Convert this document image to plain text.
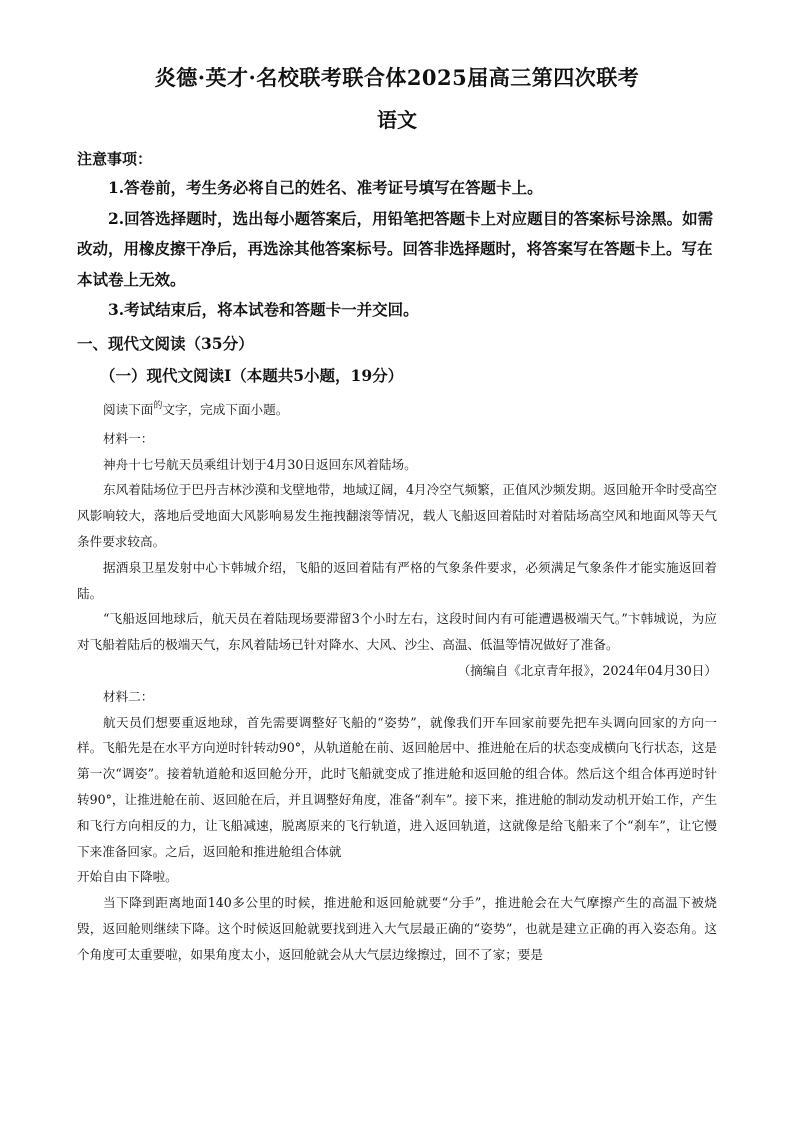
炎德·英才·名校联考联合体2025届高三第四次联考
语文
注意事项：

1.答卷前，考生务必将自己的姓名、准考证号填写在答题卡上。

2.回答选择题时，选出每小题答案后，用铅笔把答题卡上对应题目的答案标号涂黑。如需改动，用橡皮擦干净后，再选涂其他答案标号。回答非选择题时，将答案写在答题卡上。写在本试卷上无效。

3.考试结束后，将本试卷和答题卡一并交回。

一、现代文阅读（35分）
（一）现代文阅读Ⅰ（本题共5小题，19分）

阅读下面$^的$文字，完成下面小题。

材料一：

神舟十七号航天员乘组计划于4月30日返回东风着陆场。

东风着陆场位于巴丹吉林沙漠和戈壁地带，地域辽阔，4月冷空气频繁，正值风沙频发期。返回舱开伞时受高空风影响较大，落地后受地面大风影响易发生拖拽翻滚等情况，载人飞船返回着陆时对着陆场高空风和地面风等天气条件要求较高。

据酒泉卫星发射中心卞韩城介绍，飞船的返回着陆有严格的气象条件要求，必须满足气象条件才能实施返回着陆。

“飞船返回地球后，航天员在着陆现场要滞留3个小时左右，这段时间内有可能遭遇极端天气。”卞韩城说，为应对飞船着陆后的极端天气，东风着陆场已针对降水、大风、沙尘、高温、低温等情况做好了准备。

（摘编自《北京青年报》，2024年04月30日）

材料二：

航天员们想要重返地球，首先需要调整好飞船的“姿势”，就像我们开车回家前要先把车头调向回家的方向一样。飞船先是在水平方向逆时针转动90°，从轨道舱在前、返回舱居中、推进舱在后的状态变成横向飞行状态，这是第一次“调姿”。接着轨道舱和返回舱分开，此时飞船就变成了推进舱和返回舱的组合体。然后这个组合体再逆时针转90°，让推进舱在前、返回舱在后，并且调整好角度，准备“刹车”。接下来，推进舱的制动发动机开始工作，产生和飞行方向相反的力，让飞船减速，脱离原来的飞行轨道，进入返回轨道，这就像是给飞船来了个“刹车”，让它慢下来准备回家。之后，返回舱和推进舱组合体就

开始自由下降啦。

当下降到距离地面140多公里的时候，推进舱和返回舱就要“分手”，推进舱会在大气摩擦产生的高温下被烧毁，返回舱则继续下降。这个时候返回舱就要找到进入大气层最正确的“姿势”，也就是建立正确的再入姿态角。这个角度可太重要啦，如果角度太小，返回舱就会从大气层边缘擦过，回不了家；要是
